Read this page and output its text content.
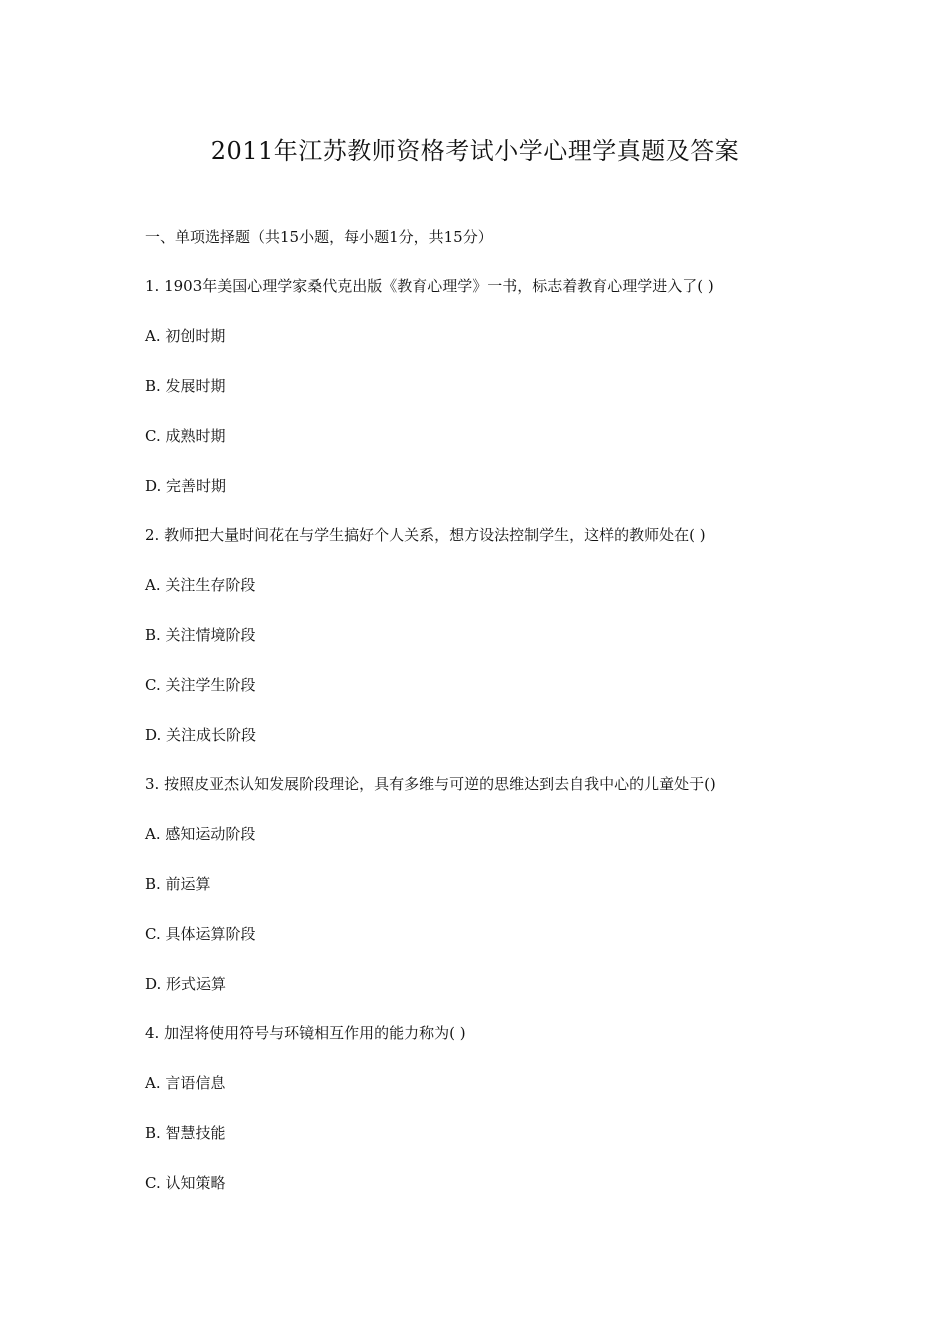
2011年江苏教师资格考试小学心理学真题及答案
一、单项选择题（共15小题，每小题1分，共15分）
1. 1903年美国心理学家桑代克出版《教育心理学》一书，标志着教育心理学进入了( )
A. 初创时期
B. 发展时期
C. 成熟时期
D. 完善时期
2. 教师把大量时间花在与学生搞好个人关系，想方设法控制学生，这样的教师处在( )
A. 关注生存阶段
B. 关注情境阶段
C. 关注学生阶段
D. 关注成长阶段
3. 按照皮亚杰认知发展阶段理论，具有多维与可逆的思维达到去自我中心的儿童处于()
A. 感知运动阶段
B. 前运算
C. 具体运算阶段
D. 形式运算
4. 加涅将使用符号与环镜相互作用的能力称为( )
A. 言语信息
B. 智慧技能
C. 认知策略
